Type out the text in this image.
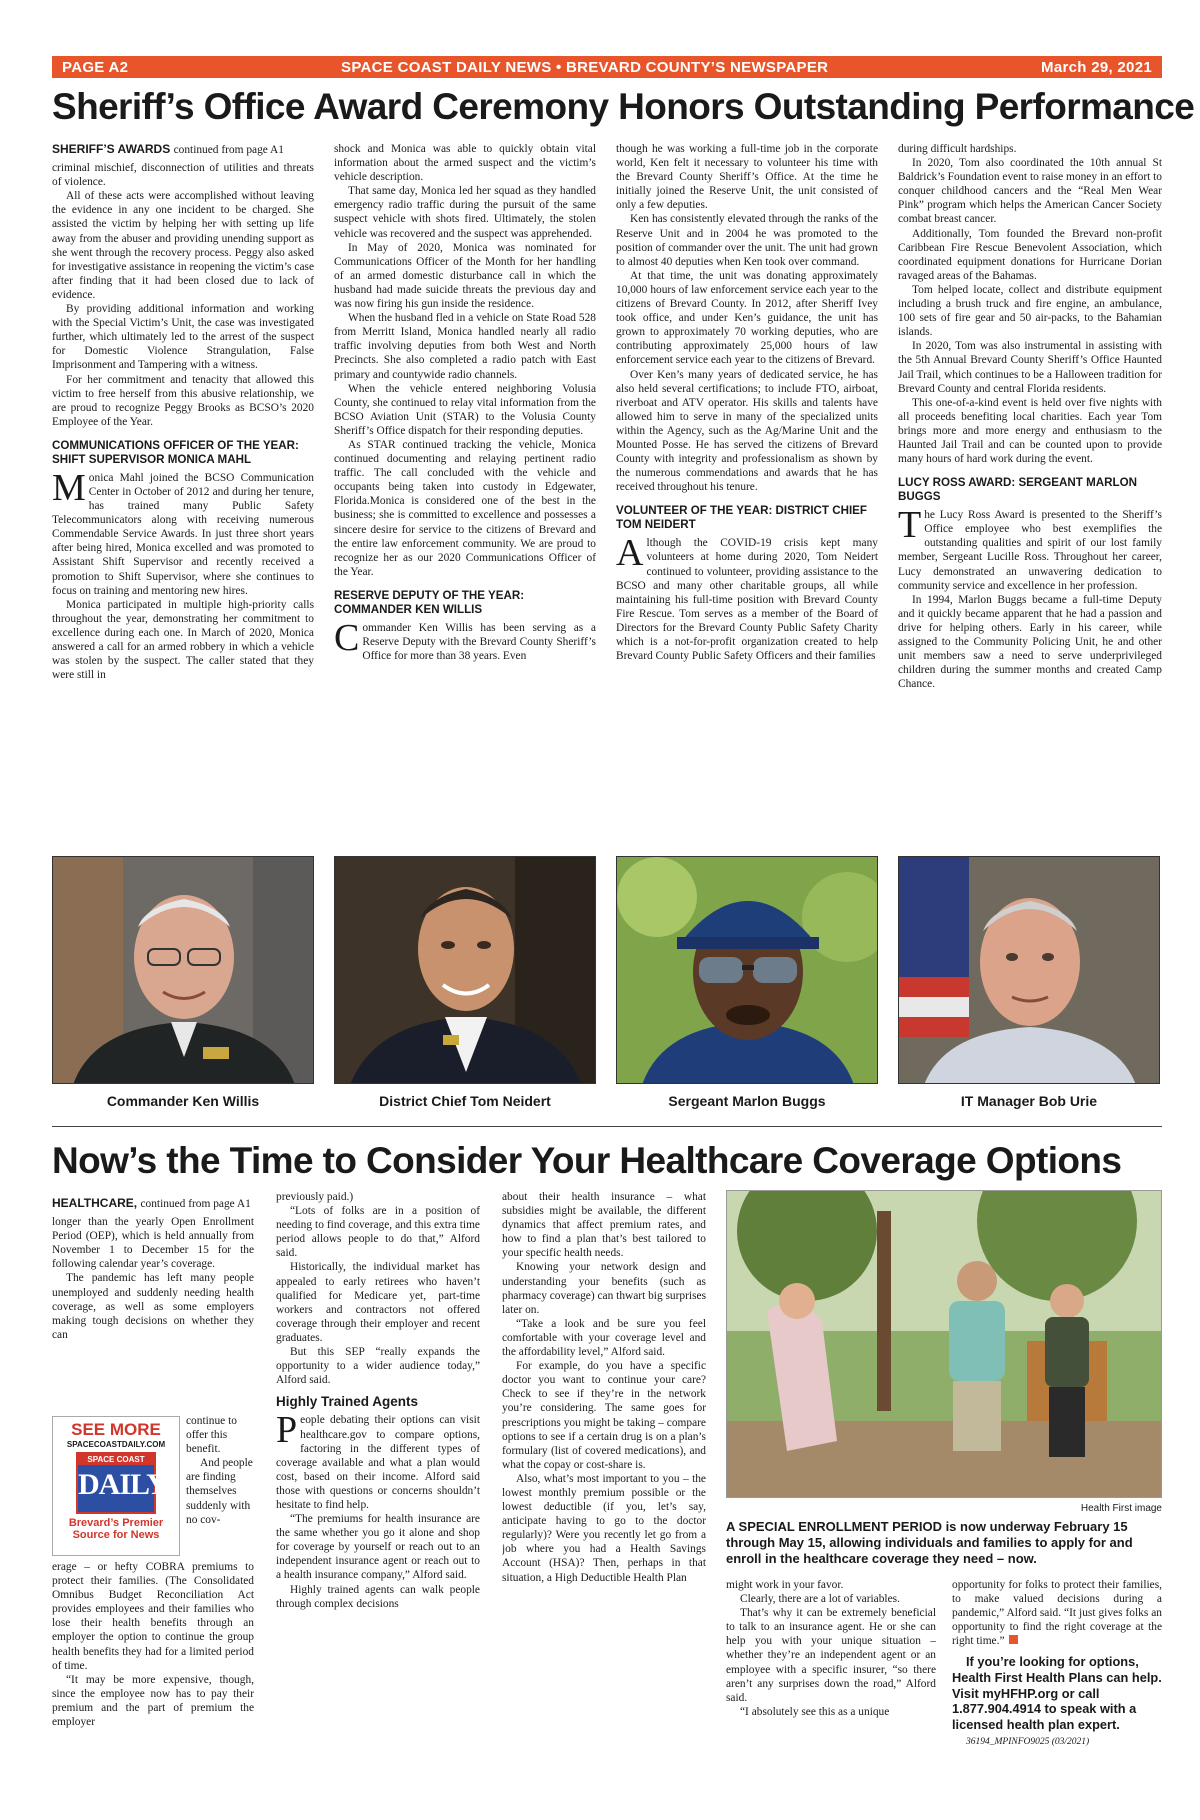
PAGE A2	SPACE COAST DAILY NEWS • BREVARD COUNTY’S NEWSPAPER	March 29, 2021
Sheriff’s Office Award Ceremony Honors Outstanding Performance
SHERIFF’S AWARDS continued from page A1

criminal mischief, disconnection of utilities and threats of violence.

All of these acts were accomplished without leaving the evidence in any one incident to be charged. She assisted the victim by helping her with setting up life away from the abuser and providing unending support as she went through the recovery process. Peggy also asked for investigative assistance in reopening the victim’s case after finding that it had been closed due to lack of evidence.

By providing additional information and working with the Special Victim’s Unit, the case was investigated further, which ultimately led to the arrest of the suspect for Domestic Violence Strangulation, False Imprisonment and Tampering with a witness.

For her commitment and tenacity that allowed this victim to free herself from this abusive relationship, we are proud to recognize Peggy Brooks as BCSO’s 2020 Employee of the Year.

COMMUNICATIONS OFFICER OF THE YEAR: SHIFT SUPERVISOR MONICA MAHL

Monica Mahl joined the BCSO Communication Center in October of 2012 and during her tenure, has trained many Public Safety Telecommunicators along with receiving numerous Commendable Service Awards. In just three short years after being hired, Monica excelled and was promoted to Assistant Shift Supervisor and recently received a promotion to Shift Supervisor, where she continues to focus on training and mentoring new hires.

Monica participated in multiple high-priority calls throughout the year, demonstrating her commitment to excellence during each one. In March of 2020, Monica answered a call for an armed robbery in which a vehicle was stolen by the suspect. The caller stated that they were still in

shock and Monica was able to quickly obtain vital information about the armed suspect and the victim’s vehicle description.

That same day, Monica led her squad as they handled emergency radio traffic during the pursuit of the same suspect vehicle with shots fired. Ultimately, the stolen vehicle was recovered and the suspect was apprehended.

In May of 2020, Monica was nominated for Communications Officer of the Month for her handling of an armed domestic disturbance call in which the husband had made suicide threats the previous day and was now firing his gun inside the residence.

When the husband fled in a vehicle on State Road 528 from Merritt Island, Monica handled nearly all radio traffic involving deputies from both West and North Precincts. She also completed a radio patch with East primary and countywide radio channels.

When the vehicle entered neighboring Volusia County, she continued to relay vital information from the BCSO Aviation Unit (STAR) to the Volusia County Sheriff’s Office dispatch for their responding deputies.

As STAR continued tracking the vehicle, Monica continued documenting and relaying pertinent radio traffic. The call concluded with the vehicle and occupants being taken into custody in Edgewater, Florida.Monica is considered one of the best in the business; she is committed to excellence and possesses a sincere desire for service to the citizens of Brevard and the entire law enforcement community. We are proud to recognize her as our 2020 Communications Officer of the Year.

RESERVE DEPUTY OF THE YEAR: COMMANDER KEN WILLIS

Commander Ken Willis has been serving as a Reserve Deputy with the Brevard County Sheriff’s Office for more than 38 years. Even

though he was working a full-time job in the corporate world, Ken felt it necessary to volunteer his time with the Brevard County Sheriff’s Office. At the time he initially joined the Reserve Unit, the unit consisted of only a few deputies.

Ken has consistently elevated through the ranks of the Reserve Unit and in 2004 he was promoted to the position of commander over the unit. The unit had grown to almost 40 deputies when Ken took over command.

At that time, the unit was donating approximately 10,000 hours of law enforcement service each year to the citizens of Brevard County. In 2012, after Sheriff Ivey took office, and under Ken’s guidance, the unit has grown to approximately 70 working deputies, who are contributing approximately 25,000 hours of law enforcement service each year to the citizens of Brevard.

Over Ken’s many years of dedicated service, he has also held several certifications; to include FTO, airboat, riverboat and ATV operator. His skills and talents have allowed him to serve in many of the specialized units within the Agency, such as the Ag/Marine Unit and the Mounted Posse. He has served the citizens of Brevard County with integrity and professionalism as shown by the numerous commendations and awards that he has received throughout his tenure.

VOLUNTEER OF THE YEAR: DISTRICT CHIEF TOM NEIDERT

Although the COVID-19 crisis kept many volunteers at home during 2020, Tom Neidert continued to volunteer, providing assistance to the BCSO and many other charitable groups, all while maintaining his full-time position with Brevard County Fire Rescue. Tom serves as a member of the Board of Directors for the Brevard County Public Safety Charity which is a not-for-profit organization created to help Brevard County Public Safety Officers and their families

during difficult hardships.

In 2020, Tom also coordinated the 10th annual St Baldrick’s Foundation event to raise money in an effort to conquer childhood cancers and the “Real Men Wear Pink” program which helps the American Cancer Society combat breast cancer.

Additionally, Tom founded the Brevard non-profit Caribbean Fire Rescue Benevolent Association, which coordinated equipment donations for Hurricane Dorian ravaged areas of the Bahamas.

Tom helped locate, collect and distribute equipment including a brush truck and fire engine, an ambulance, 100 sets of fire gear and 50 air-packs, to the Bahamian islands.

In 2020, Tom was also instrumental in assisting with the 5th Annual Brevard County Sheriff’s Office Haunted Jail Trail, which continues to be a Halloween tradition for Brevard County and central Florida residents.

This one-of-a-kind event is held over five nights with all proceeds benefiting local charities. Each year Tom brings more and more energy and enthusiasm to the Haunted Jail Trail and can be counted upon to provide many hours of hard work during the event.

LUCY ROSS AWARD: SERGEANT MARLON BUGGS

The Lucy Ross Award is presented to the Sheriff’s Office employee who best exemplifies the outstanding qualities and spirit of our lost family member, Sergeant Lucille Ross. Throughout her career, Lucy demonstrated an unwavering dedication to community service and excellence in her profession.

In 1994, Marlon Buggs became a full-time Deputy and it quickly became apparent that he had a passion and drive for helping others. Early in his career, while assigned to the Community Policing Unit, he and other unit members saw a need to serve underprivileged children during the summer months and created Camp Chance.

Commander Ken Willis	District Chief Tom Neidert	Sergeant Marlon Buggs	IT Manager Bob Urie
Now’s the Time to Consider Your Healthcare Coverage Options
HEALTHCARE, continued from page A1

longer than the yearly Open Enrollment Period (OEP), which is held annually from November 1 to December 15 for the following calendar year’s coverage.

The pandemic has left many people unemployed and suddenly needing health coverage, as well as some employers making tough decisions on whether they can

SEE MORE
SPACECOASTDAILY.COM
SPACE COAST
DAILY
Brevard’s Premier Source for News

continue to offer this benefit.

And people are finding themselves suddenly with no cov-

erage – or hefty COBRA premiums to protect their families. (The Consolidated Omnibus Budget Reconciliation Act provides employees and their families who lose their health benefits through an employer the option to continue the group health benefits they had for a limited period of time.

“It may be more expensive, though, since the employee now has to pay their premium and the part of premium the employer

previously paid.)

“Lots of folks are in a position of needing to find coverage, and this extra time period allows people to do that,” Alford said.

Historically, the individual market has appealed to early retirees who haven’t qualified for Medicare yet, part-time workers and contractors not offered coverage through their employer and recent graduates.

But this SEP “really expands the opportunity to a wider audience today,” Alford said.

Highly Trained Agents

People debating their options can visit healthcare.gov to compare options, factoring in the different types of coverage available and what a plan would cost, based on their income. Alford said those with questions or concerns shouldn’t hesitate to find help.

“The premiums for health insurance are the same whether you go it alone and shop for coverage by yourself or reach out to an independent insurance agent or reach out to a health insurance company,” Alford said.

Highly trained agents can walk people through complex decisions

about their health insurance – what subsidies might be available, the different dynamics that affect premium rates, and how to find a plan that’s best tailored to your specific health needs.

Knowing your network design and understanding your benefits (such as pharmacy coverage) can thwart big surprises later on.

“Take a look and be sure you feel comfortable with your coverage level and the affordability level,” Alford said.

For example, do you have a specific doctor you want to continue your care? Check to see if they’re in the network you’re considering. The same goes for prescriptions you might be taking – compare options to see if a certain drug is on a plan’s formulary (list of covered medications), and what the copay or cost-share is.

Also, what’s most important to you – the lowest monthly premium possible or the lowest deductible (if you, let’s say, anticipate having to go to the doctor regularly)? Were you recently let go from a job where you had a Health Savings Account (HSA)? Then, perhaps in that situation, a High Deductible Health Plan

Health First image
A SPECIAL ENROLLMENT PERIOD is now underway February 15 through May 15, allowing individuals and families to apply for and enroll in the healthcare coverage they need – now.

might work in your favor.

Clearly, there are a lot of variables.

That’s why it can be extremely beneficial to talk to an insurance agent. He or she can help you with your unique situation – whether they’re an independent agent or an employee with a specific insurer, “so there aren’t any surprises down the road,” Alford said.

“I absolutely see this as a unique

opportunity for folks to protect their families, to make valued decisions during a pandemic,” Alford said. “It just gives folks an opportunity to find the right coverage at the right time.”

If you’re looking for options, Health First Health Plans can help. Visit myHFHP.org or call 1.877.904.4914 to speak with a licensed health plan expert.

36194_MPINFO9025 (03/2021)
